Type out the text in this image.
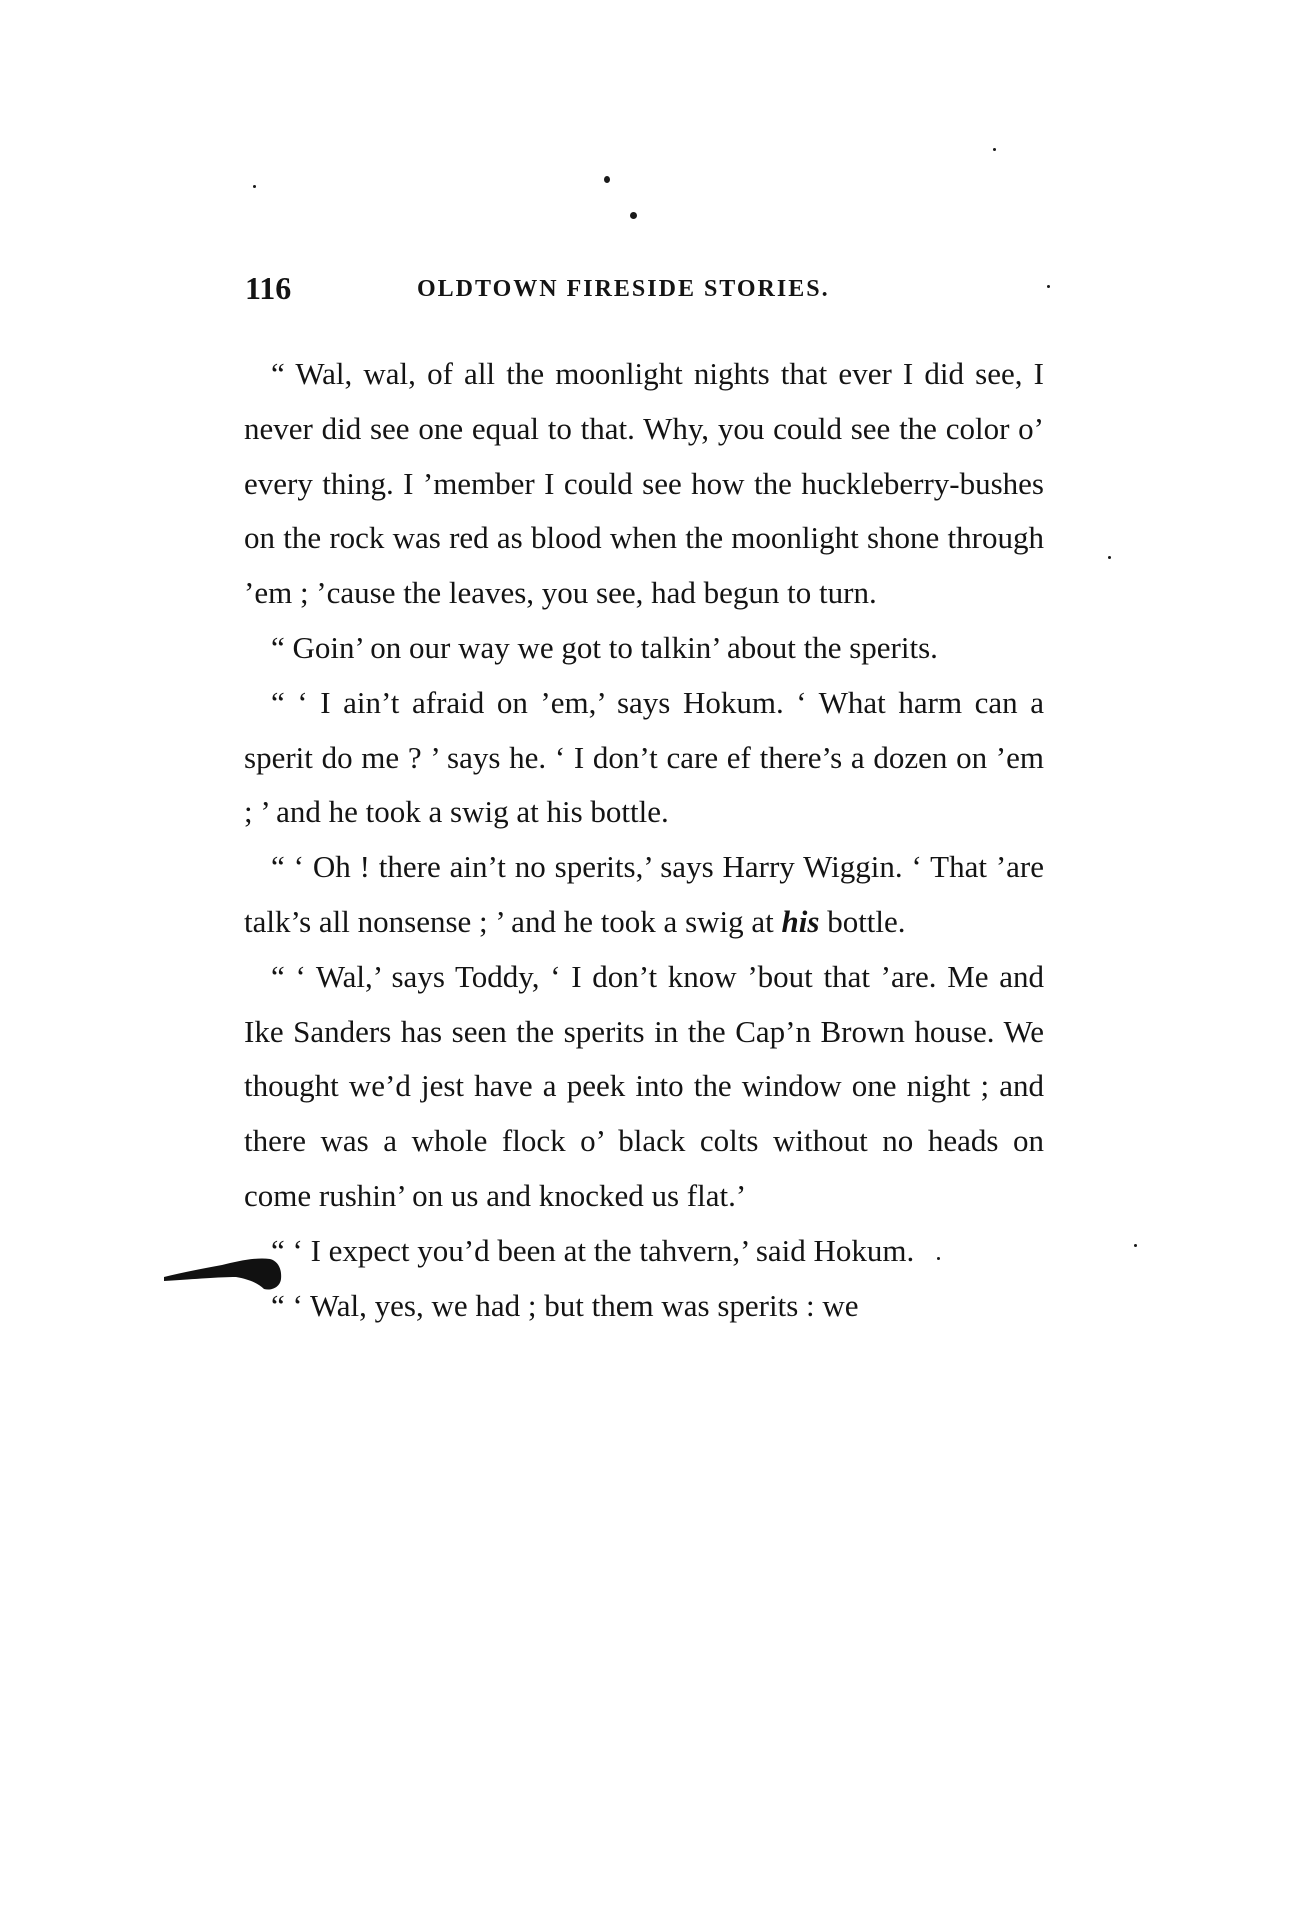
116	OLDTOWN FIRESIDE STORIES.

“ Wal, wal, of all the moonlight nights that ever I did see, I never did see one equal to that. Why, you could see the color o’ every thing. I ’member I could see how the huckleberry-bushes on the rock was red as blood when the moonlight shone through ’em ; ’cause the leaves, you see, had begun to turn.

“ Goin’ on our way we got to talkin’ about the sperits.

“ ‘ I ain’t afraid on ’em,’ says Hokum. ‘ What harm can a sperit do me ? ’ says he. ‘ I don’t care ef there’s a dozen on ’em ; ’ and he took a swig at his bottle.

“ ‘ Oh ! there ain’t no sperits,’ says Harry Wiggin. ‘ That ’are talk’s all nonsense ; ’ and he took a swig at his bottle.

“ ‘ Wal,’ says Toddy, ‘ I don’t know ’bout that ’are. Me and Ike Sanders has seen the sperits in the Cap’n Brown house. We thought we’d jest have a peek into the window one night ; and there was a whole flock o’ black colts without no heads on come rushin’ on us and knocked us flat.’

“ ‘ I expect you’d been at the tahvern,’ said Hokum.

“ ‘ Wal, yes, we had ; but them was sperits : we
